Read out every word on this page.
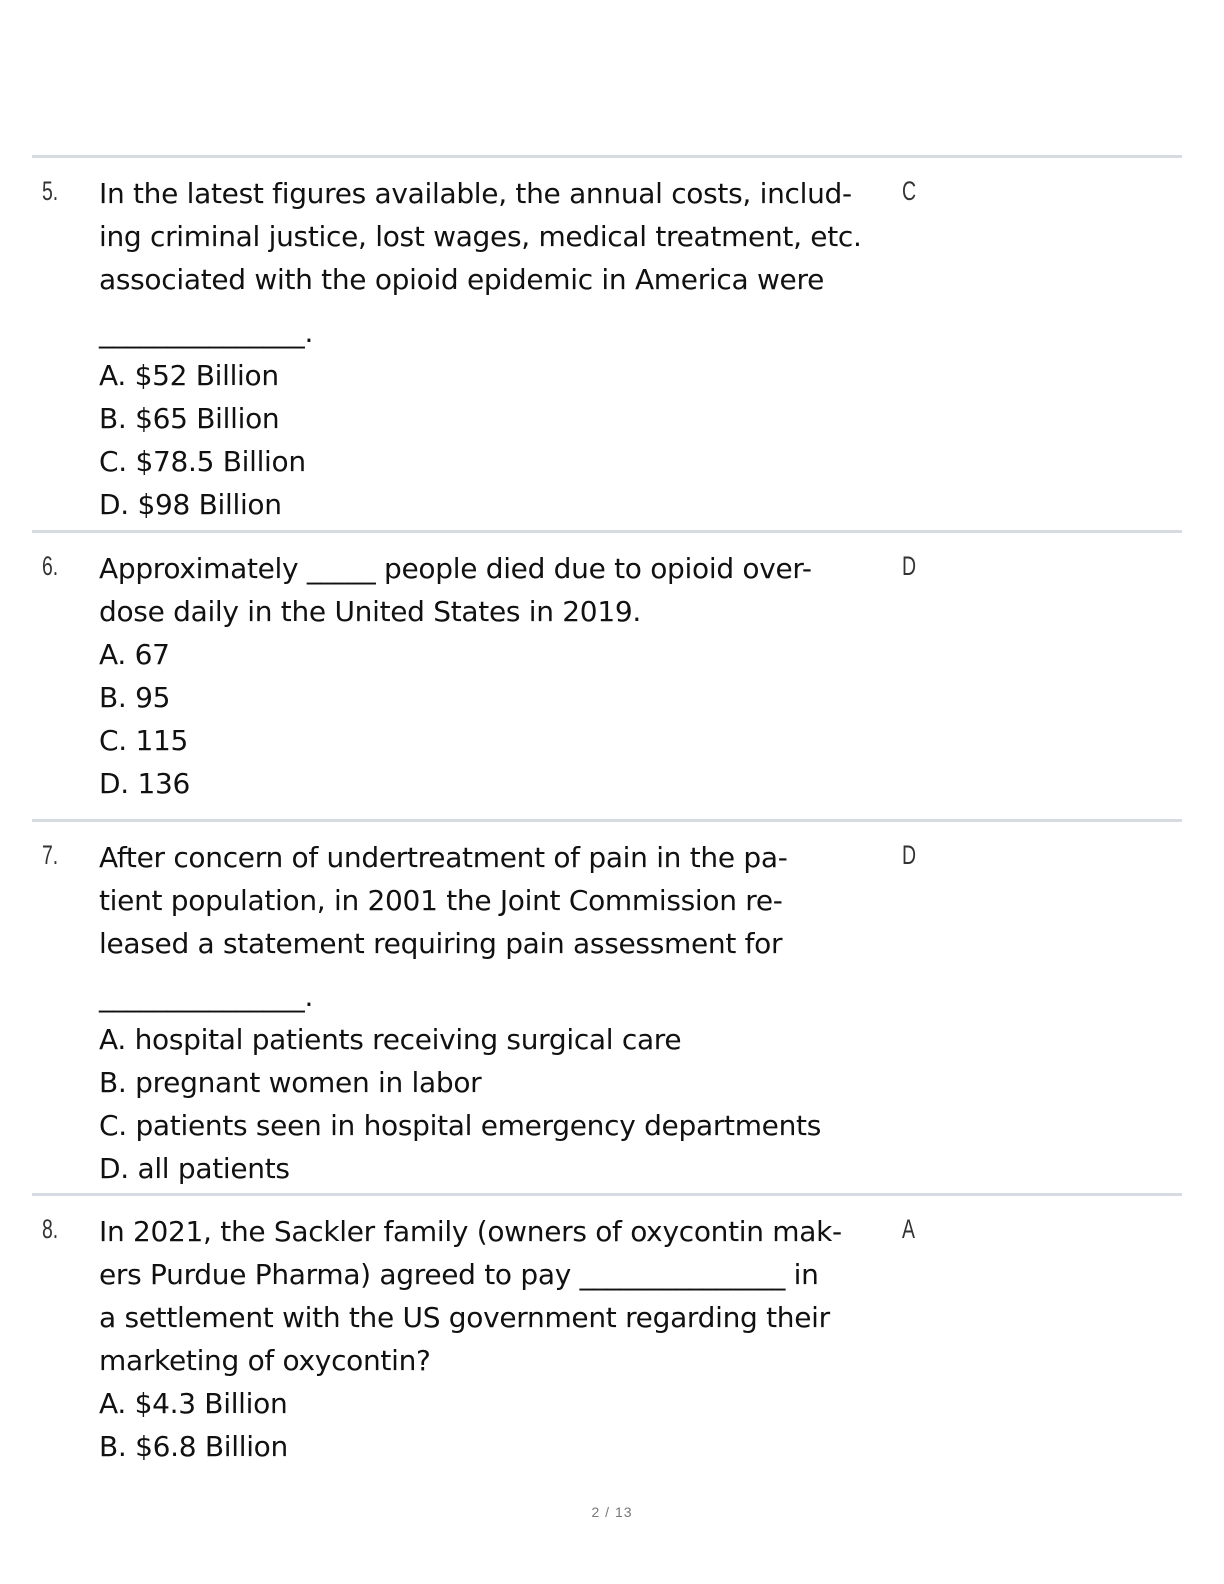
5.	C

In the latest figures available, the annual costs, includ-
ing criminal justice, lost wages, medical treatment, etc.
associated with the opioid epidemic in America were

_______________.
A. $52 Billion
B. $65 Billion
C. $78.5 Billion
D. $98 Billion
6.	D

Approximately _____ people died due to opioid over-
dose daily in the United States in 2019.

A. 67
B. 95
C. 115
D. 136
7.	D

After concern of undertreatment of pain in the pa-
tient population, in 2001 the Joint Commission re-
leased a statement requiring pain assessment for

_______________.
A. hospital patients receiving surgical care
B. pregnant women in labor
C. patients seen in hospital emergency departments
D. all patients
8.	A

In 2021, the Sackler family (owners of oxycontin mak-
ers Purdue Pharma) agreed to pay _______________ in
a settlement with the US government regarding their
marketing of oxycontin?

A. $4.3 Billion
B. $6.8 Billion
2 / 13
